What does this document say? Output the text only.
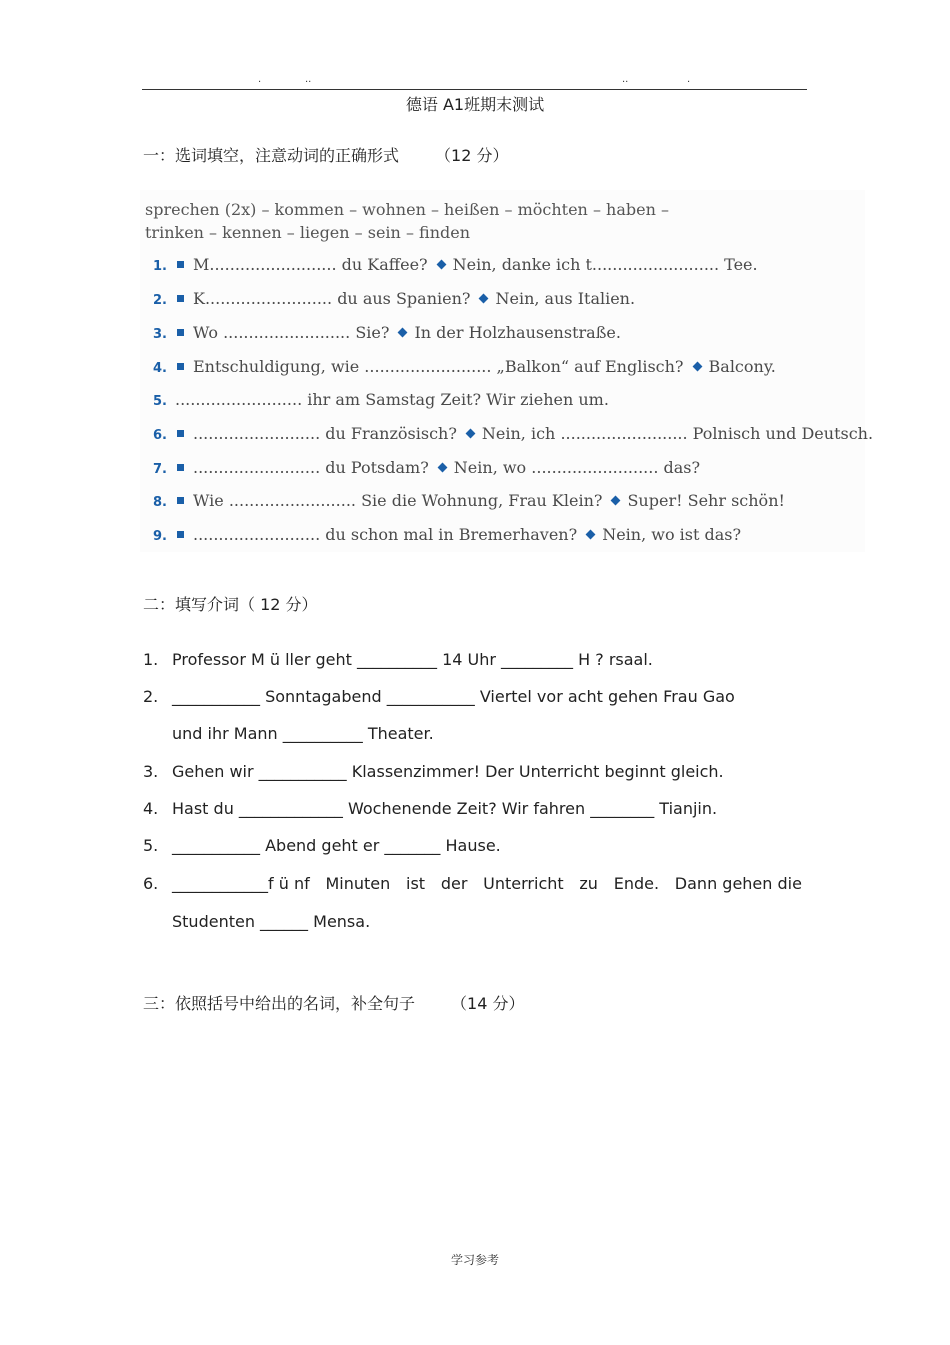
.	..	..	.
德语 A1班期末测试
一：选词填空，注意动词的正确形式 （12 分）
sprechen (2x) – kommen – wohnen – heißen – möchten – haben –
trinken – kennen – liegen – sein – finden
1. M......................... du Kaffee? Nein, danke ich t......................... Tee.
2. K......................... du aus Spanien? Nein, aus Italien.
3. Wo ......................... Sie? In der Holzhausenstraße.
4. Entschuldigung, wie ......................... „Balkon“ auf Englisch? Balcony.
5. ......................... ihr am Samstag Zeit? Wir ziehen um.
6. ......................... du Französisch? Nein, ich ......................... Polnisch und Deutsch.
7. ......................... du Potsdam? Nein, wo ......................... das?
8. Wie ......................... Sie die Wohnung, Frau Klein? Super! Sehr schön!
9. ......................... du schon mal in Bremerhaven? Nein, wo ist das?
二：填写介词（ 12 分）
1. Professor M ü ller geht __________ 14 Uhr _________ H ? rsaal.
2. ___________ Sonntagabend ___________ Viertel vor acht gehen Frau Gao
und ihr Mann __________ Theater.
3. Gehen wir ___________ Klassenzimmer! Der Unterricht beginnt gleich.
4. Hast du _____________ Wochenende Zeit? Wir fahren ________ Tianjin.
5. ___________ Abend geht er _______ Hause.
6. ____________f ü nf Minuten ist der Unterricht zu Ende. Dann gehen die
Studenten ______ Mensa.
三：依照括号中给出的名词，补全句子 （14 分）
学习参考
